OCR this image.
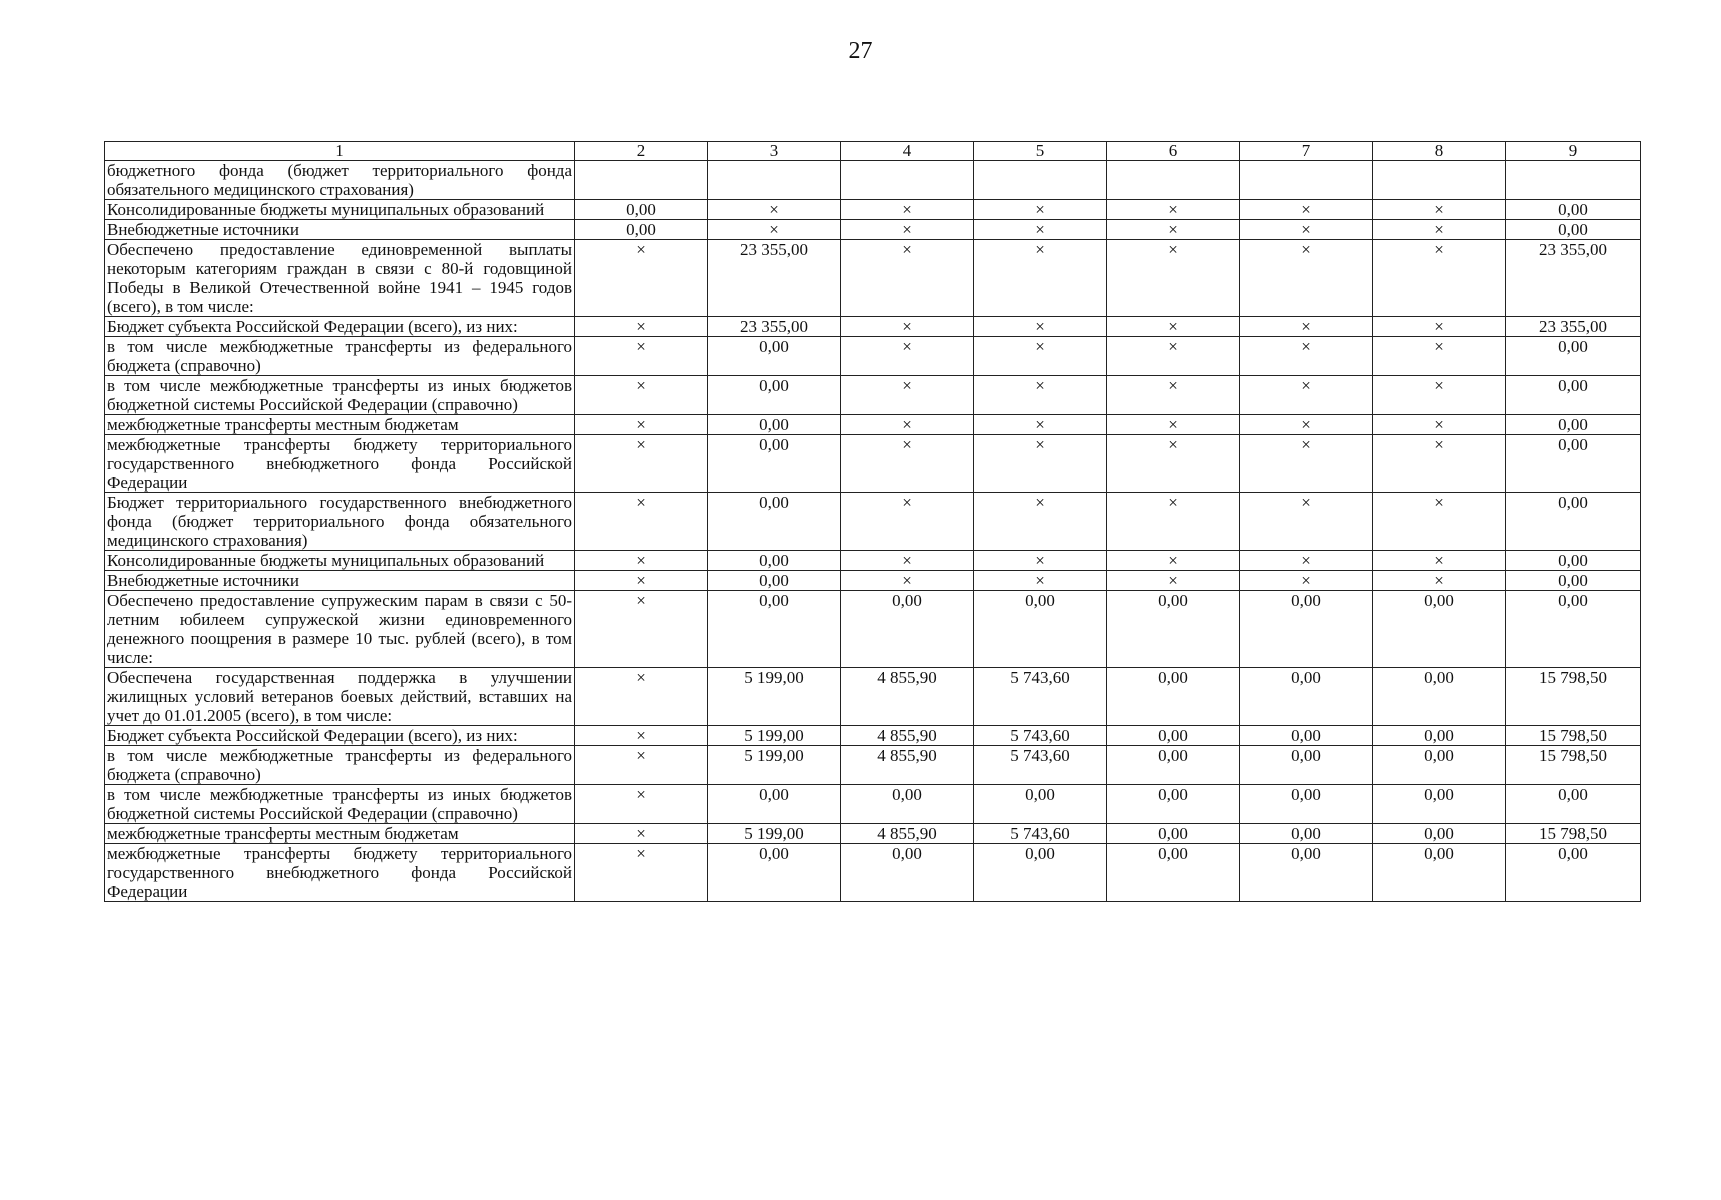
27
1	2	3	4	5	6	7	8	9
бюджетного фонда (бюджет территориального фонда обязательного медицинского страхования)								
Консолидированные бюджеты муниципальных образований	0,00	×	×	×	×	×	×	0,00
Внебюджетные источники	0,00	×	×	×	×	×	×	0,00
Обеспечено предоставление единовременной выплаты некоторым категориям граждан в связи с 80-й годовщиной Победы в Великой Отечественной войне 1941 – 1945 годов (всего), в том числе:	×	23 355,00	×	×	×	×	×	23 355,00
Бюджет субъекта Российской Федерации (всего), из них:	×	23 355,00	×	×	×	×	×	23 355,00
в том числе межбюджетные трансферты из федерального бюджета (справочно)	×	0,00	×	×	×	×	×	0,00
в том числе межбюджетные трансферты из иных бюджетов бюджетной системы Российской Федерации (справочно)	×	0,00	×	×	×	×	×	0,00
межбюджетные трансферты местным бюджетам	×	0,00	×	×	×	×	×	0,00
межбюджетные трансферты бюджету территориального государственного внебюджетного фонда Российской Федерации	×	0,00	×	×	×	×	×	0,00
Бюджет территориального государственного внебюджетного фонда (бюджет территориального фонда обязательного медицинского страхования)	×	0,00	×	×	×	×	×	0,00
Консолидированные бюджеты муниципальных образований	×	0,00	×	×	×	×	×	0,00
Внебюджетные источники	×	0,00	×	×	×	×	×	0,00
Обеспечено предоставление супружеским парам в связи с 50-летним юбилеем супружеской жизни единовременного денежного поощрения в размере 10 тыс. рублей (всего), в том числе:	×	0,00	0,00	0,00	0,00	0,00	0,00	0,00
Обеспечена государственная поддержка в улучшении жилищных условий ветеранов боевых действий, вставших на учет до 01.01.2005 (всего), в том числе:	×	5 199,00	4 855,90	5 743,60	0,00	0,00	0,00	15 798,50
Бюджет субъекта Российской Федерации (всего), из них:	×	5 199,00	4 855,90	5 743,60	0,00	0,00	0,00	15 798,50
в том числе межбюджетные трансферты из федерального бюджета (справочно)	×	5 199,00	4 855,90	5 743,60	0,00	0,00	0,00	15 798,50
в том числе межбюджетные трансферты из иных бюджетов бюджетной системы Российской Федерации (справочно)	×	0,00	0,00	0,00	0,00	0,00	0,00	0,00
межбюджетные трансферты местным бюджетам	×	5 199,00	4 855,90	5 743,60	0,00	0,00	0,00	15 798,50
межбюджетные трансферты бюджету территориального государственного внебюджетного фонда Российской Федерации	×	0,00	0,00	0,00	0,00	0,00	0,00	0,00
